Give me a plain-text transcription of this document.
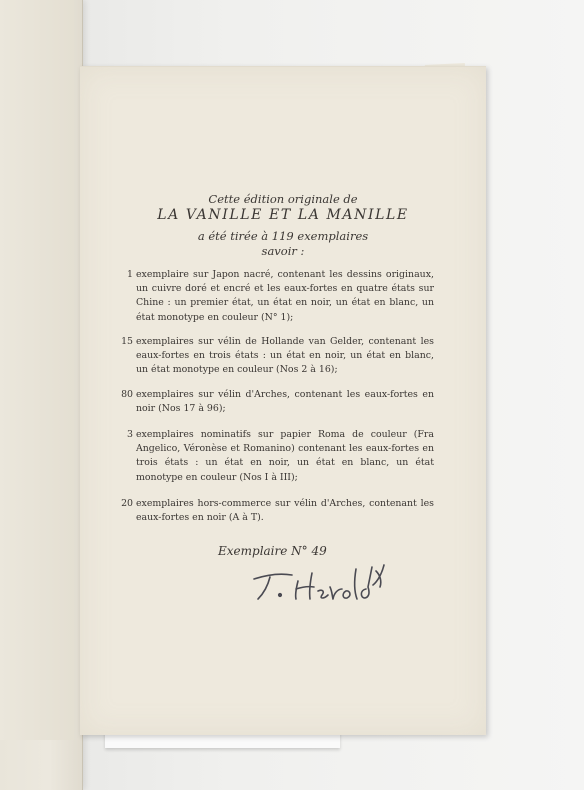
Cette édition originale de
LA VANILLE ET LA MANILLE
a été tirée à 119 exemplaires
savoir :
1 exemplaire sur Japon nacré, contenant les dessins originaux, un cuivre doré et encré et les eaux-fortes en quatre états sur Chine : un premier état, un état en noir, un état en blanc, un état monotype en couleur (N° 1);
15 exemplaires sur vélin de Hollande van Gelder, contenant les eaux-fortes en trois états : un état en noir, un état en blanc, un état monotype en couleur (Nos 2 à 16);
80 exemplaires sur vélin d'Arches, contenant les eaux-fortes en noir (Nos 17 à 96);
3 exemplaires nominatifs sur papier Roma de couleur (Fra Angelico, Véronèse et Romanino) contenant les eaux-fortes en trois états : un état en noir, un état en blanc, un état monotype en couleur (Nos I à III);
20 exemplaires hors-commerce sur vélin d'Arches, contenant les eaux-fortes en noir (A à T).
Exemplaire N° 49
